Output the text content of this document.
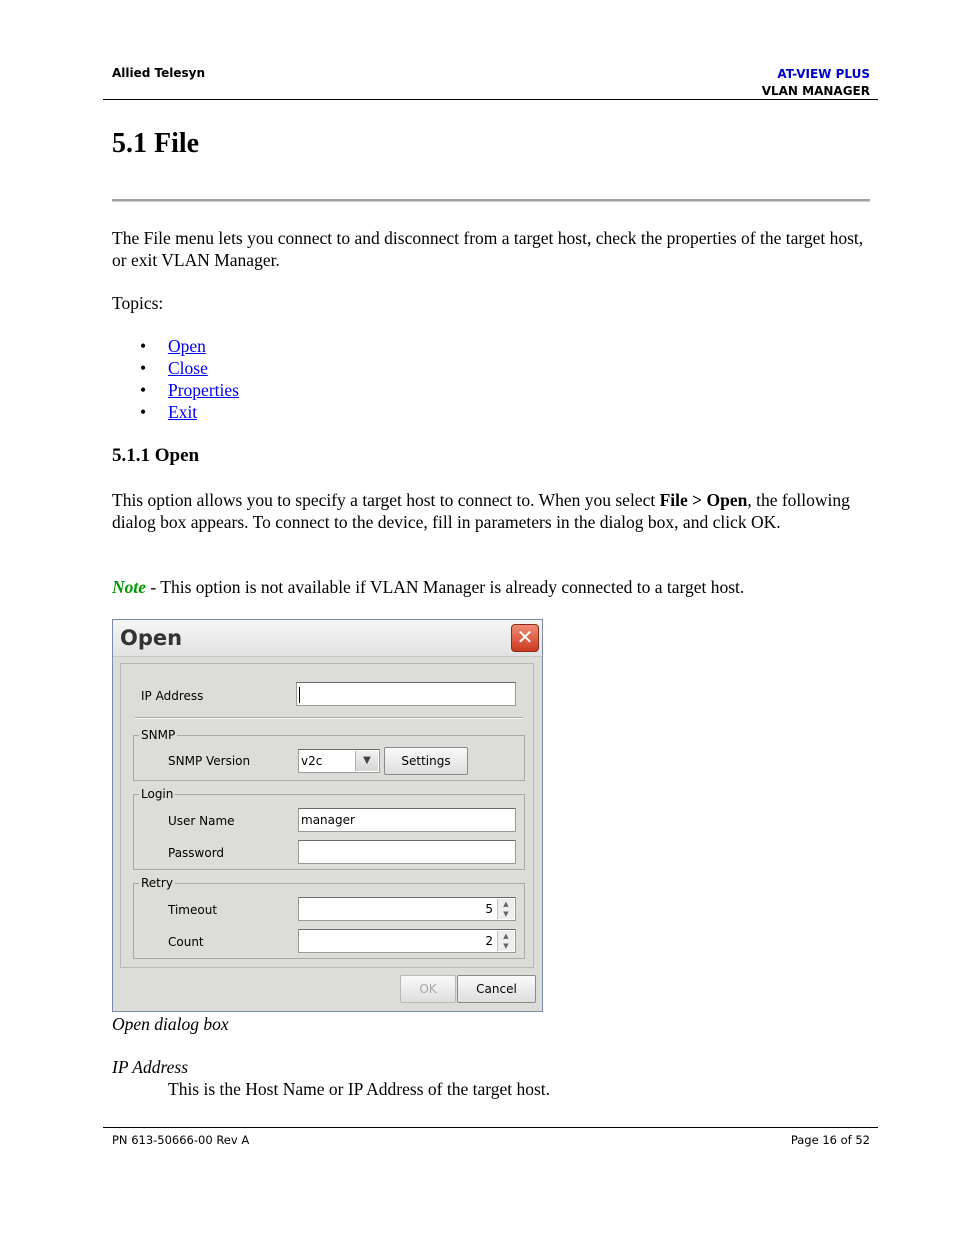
Allied Telesyn	AT-VIEW PLUS
VLAN MANAGER
5.1 File

The File menu lets you connect to and disconnect from a target host, check the properties of the target host, or exit VLAN Manager.

Topics:

• Open
• Close
• Properties
• Exit
5.1.1 Open

This option allows you to specify a target host to connect to. When you select File > Open, the following dialog box appears. To connect to the device, fill in parameters in the dialog box, and click OK.

Note - This option is not available if VLAN Manager is already connected to a target host.

Open	✕
IP Address
SNMP
SNMP Version	v2c	▼	Settings
Login
User Name	manager
Password
Retry
Timeout	5	▲
▼
Count	2	▲
▼
OK	Cancel
Open dialog box

IP Address

This is the Host Name or IP Address of the target host.

PN 613-50666-00 Rev A	Page 16 of 52
